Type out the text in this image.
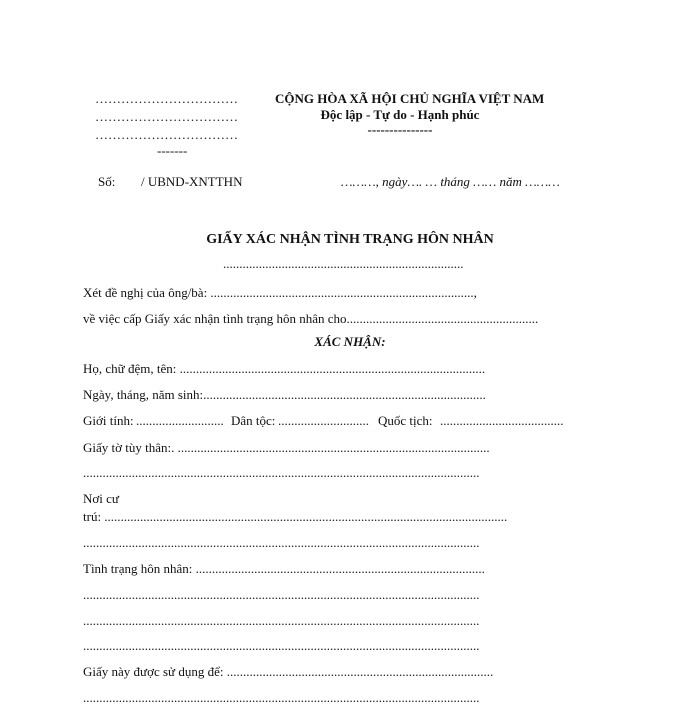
……………………………
……………………………
……………………………
-------
CỘNG HÒA XÃ HỘI CHỦ NGHĨA VIỆT NAM
Độc lập - Tự do - Hạnh phúc
---------------
Số: / UBND-XNTTHN	………, ngày…. … tháng …… năm ………
GIẤY XÁC NHẬN TÌNH TRẠNG HÔN NHÂN
..........................................................................
Xét đề nghị của ông/bà: .................................................................................,
về việc cấp Giấy xác nhận tình trạng hôn nhân cho...........................................................
XÁC NHẬN:
Họ, chữ đệm, tên: ..............................................................................................
Ngày, tháng, năm sinh:.......................................................................................
Giới tính: ........................... Dân tộc: ............................ Quốc tịch: ......................................
Giấy tờ tùy thân:. ................................................................................................
..........................................................................................................................
Nơi cư
trú: ............................................................................................................................
..........................................................................................................................
Tình trạng hôn nhân: .........................................................................................
..........................................................................................................................
..........................................................................................................................
..........................................................................................................................
Giấy này được sử dụng để: ..................................................................................
..........................................................................................................................
